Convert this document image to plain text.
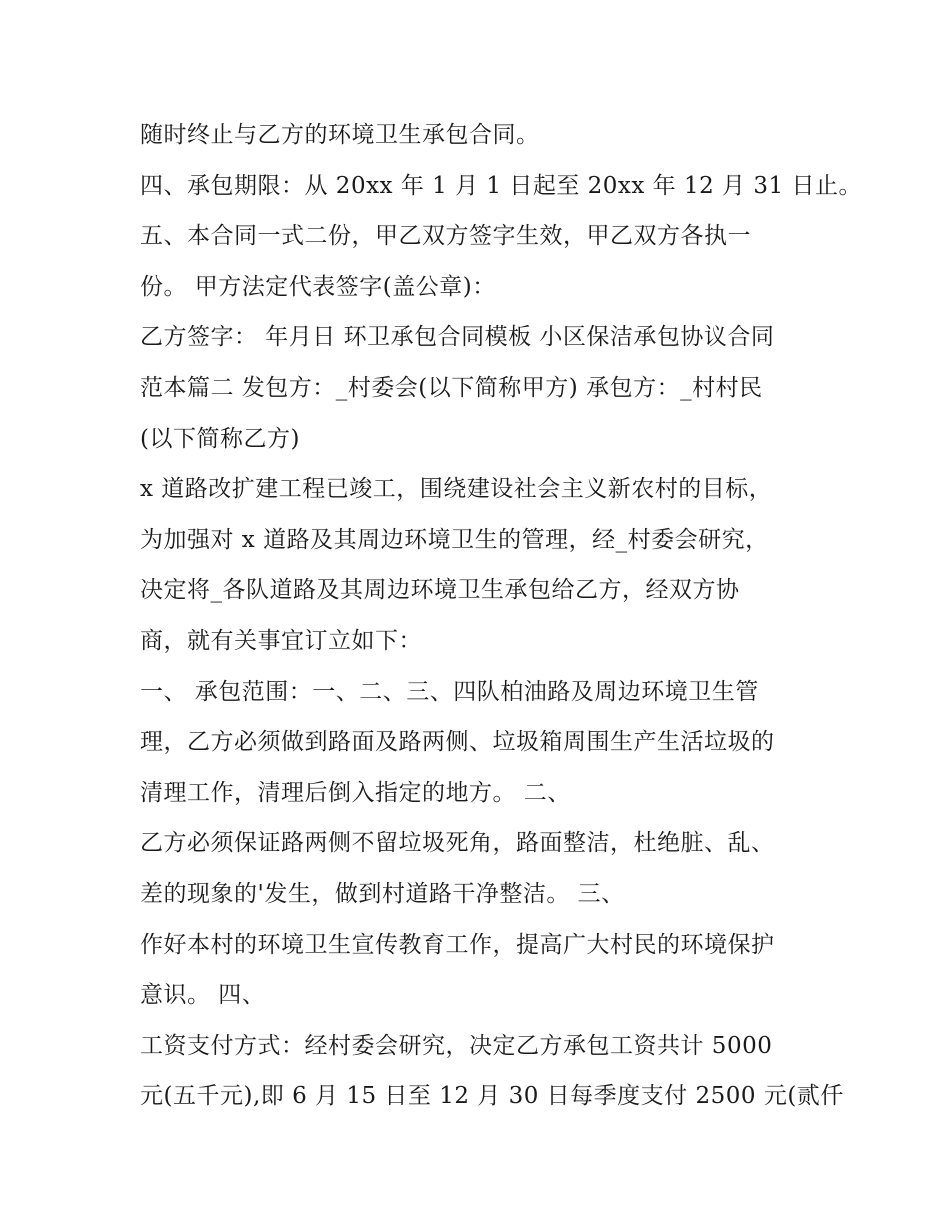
随时终止与乙方的环境卫生承包合同。
四、承包期限：从 20xx 年 1 月 1 日起至 20xx 年 12 月 31 日止。
五、本合同一式二份，甲乙双方签字生效，甲乙双方各执一
份。 甲方法定代表签字(盖公章)：
乙方签字： 年月日 环卫承包合同模板 小区保洁承包协议合同
范本篇二 发包方：_村委会(以下简称甲方) 承包方：_村村民
(以下简称乙方)
x 道路改扩建工程已竣工，围绕建设社会主义新农村的目标，
为加强对 x 道路及其周边环境卫生的管理，经_村委会研究，
决定将_各队道路及其周边环境卫生承包给乙方，经双方协
商，就有关事宜订立如下：
一、 承包范围：一、二、三、四队柏油路及周边环境卫生管
理，乙方必须做到路面及路两侧、垃圾箱周围生产生活垃圾的
清理工作，清理后倒入指定的地方。 二、
乙方必须保证路两侧不留垃圾死角，路面整洁，杜绝脏、乱、
差的现象的'发生，做到村道路干净整洁。 三、
作好本村的环境卫生宣传教育工作，提高广大村民的环境保护
意识。 四、
工资支付方式：经村委会研究，决定乙方承包工资共计 5000
元(五千元),即 6 月 15 日至 12 月 30 日每季度支付 2500 元(贰仟
